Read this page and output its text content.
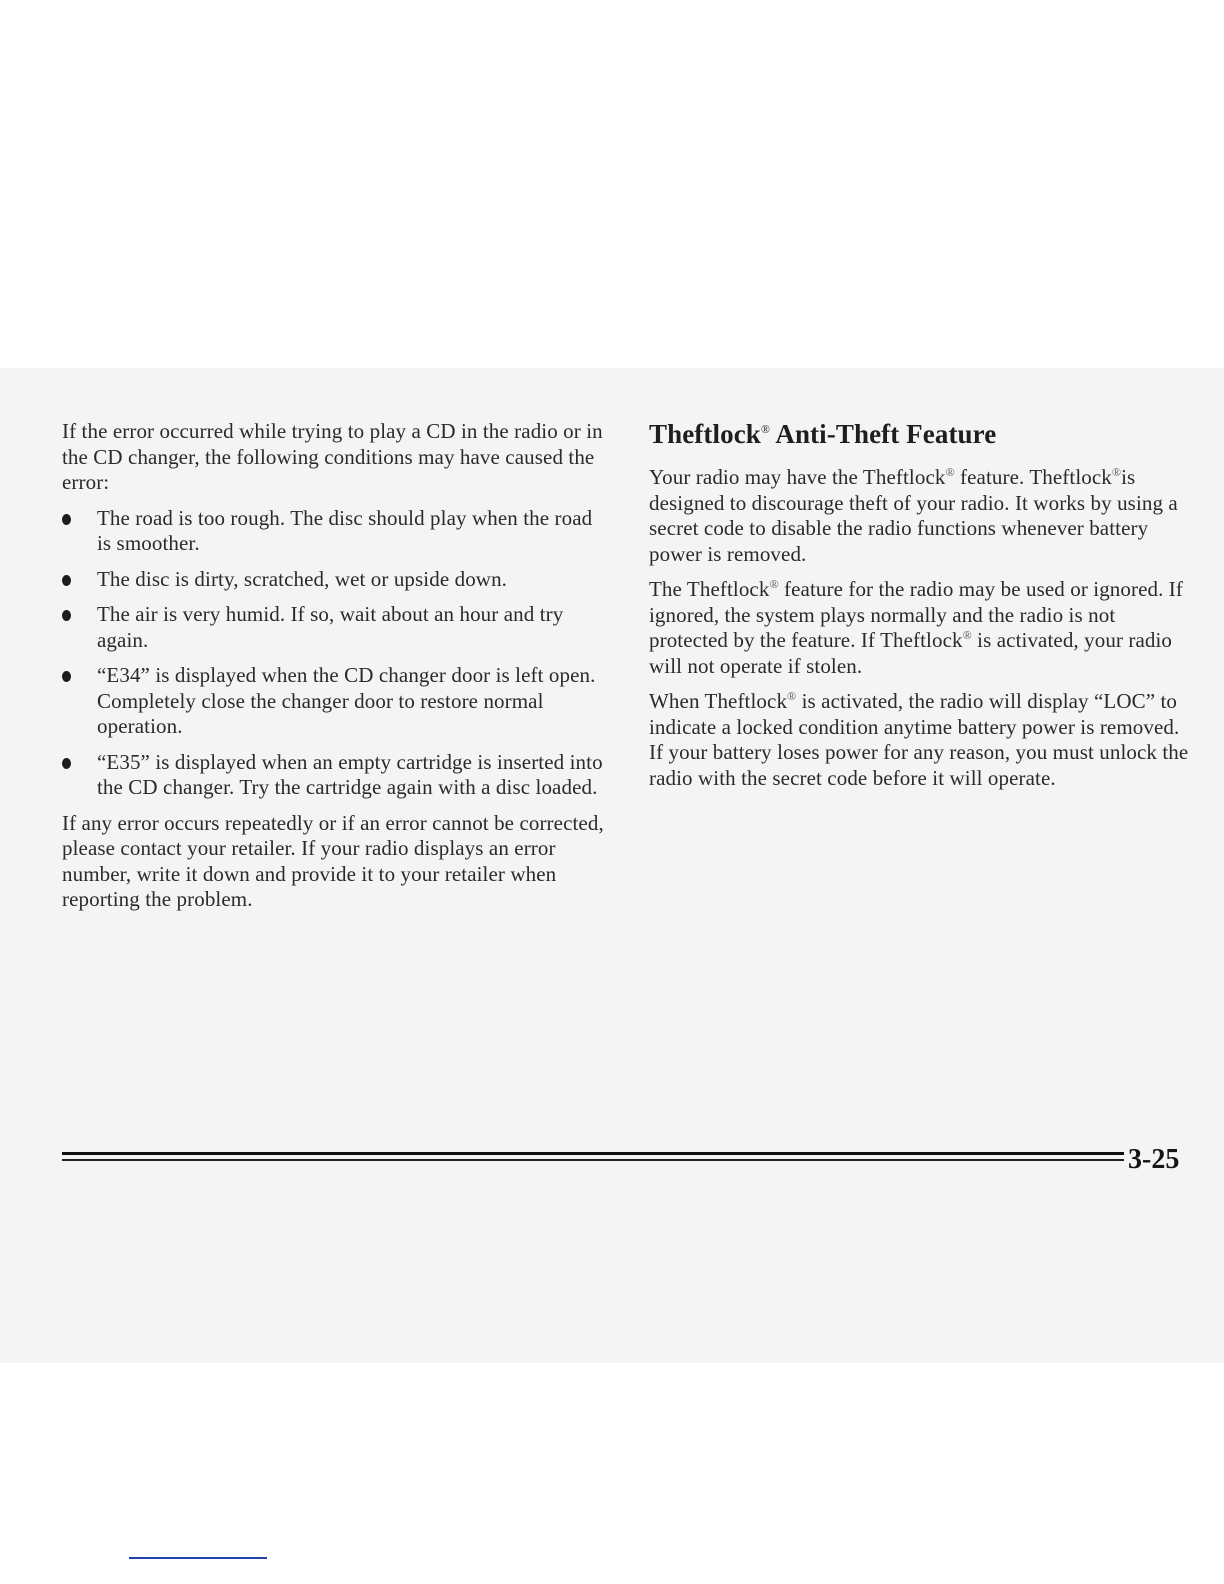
If the error occurred while trying to play a CD in the radio or in the CD changer, the following conditions may have caused the error:

The road is too rough. The disc should play when the road is smoother.
The disc is dirty, scratched, wet or upside down.
The air is very humid. If so, wait about an hour and try again.
“E34” is displayed when the CD changer door is left open. Completely close the changer door to restore normal operation.
“E35” is displayed when an empty cartridge is inserted into the CD changer. Try the cartridge again with a disc loaded.

If any error occurs repeatedly or if an error cannot be corrected, please contact your retailer. If your radio displays an error number, write it down and provide it to your retailer when reporting the problem.

Theftlock® Anti-Theft Feature

Your radio may have the Theftlock® feature. Theftlock®is designed to discourage theft of your radio. It works by using a secret code to disable the radio functions whenever battery power is removed.

The Theftlock® feature for the radio may be used or ignored. If ignored, the system plays normally and the radio is not protected by the feature. If Theftlock® is activated, your radio will not operate if stolen.

When Theftlock® is activated, the radio will display “LOC” to indicate a locked condition anytime battery power is removed. If your battery loses power for any reason, you must unlock the radio with the secret code before it will operate.

3-25
